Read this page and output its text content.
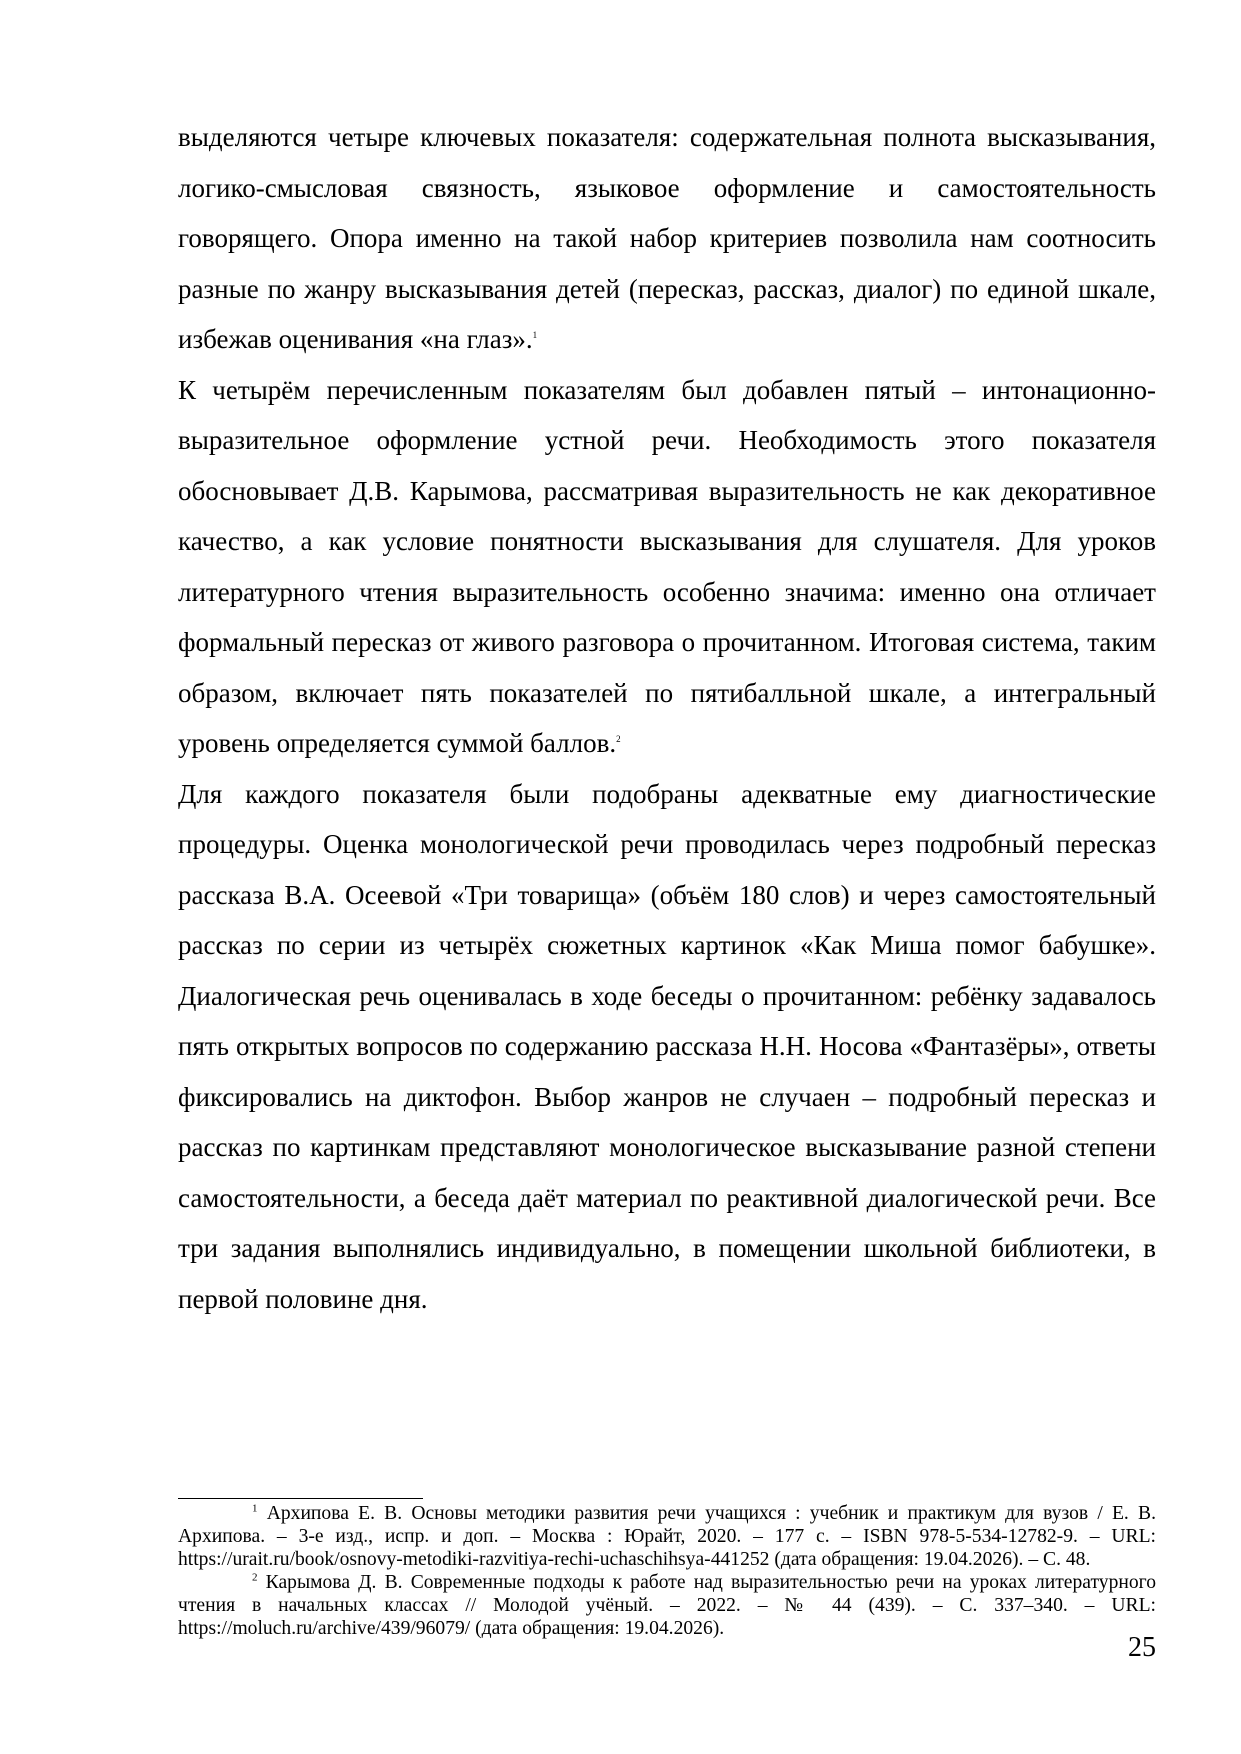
выделяются четыре ключевых показателя: содержательная полнота высказывания, логико-смысловая связность, языковое оформление и самостоятельность говорящего. Опора именно на такой набор критериев позволила нам соотносить разные по жанру высказывания детей (пересказ, рассказ, диалог) по единой шкале, избежав оценивания «на глаз».$^1$

К четырём перечисленным показателям был добавлен пятый – интонационно-выразительное оформление устной речи. Необходимость этого показателя обосновывает Д.В. Карымова, рассматривая выразительность не как декоративное качество, а как условие понятности высказывания для слушателя. Для уроков литературного чтения выразительность особенно значима: именно она отличает формальный пересказ от живого разговора о прочитанном. Итоговая система, таким образом, включает пять показателей по пятибалльной шкале, а интегральный уровень определяется суммой баллов.$^2$

Для каждого показателя были подобраны адекватные ему диагностические процедуры. Оценка монологической речи проводилась через подробный пересказ рассказа В.А. Осеевой «Три товарища» (объём 180 слов) и через самостоятельный рассказ по серии из четырёх сюжетных картинок «Как Миша помог бабушке». Диалогическая речь оценивалась в ходе беседы о прочитанном: ребёнку задавалось пять открытых вопросов по содержанию рассказа Н.Н. Носова «Фантазёры», ответы фиксировались на диктофон. Выбор жанров не случаен – подробный пересказ и рассказ по картинкам представляют монологическое высказывание разной степени самостоятельности, а беседа даёт материал по реактивной диалогической речи. Все три задания выполнялись индивидуально, в помещении школьной библиотеки, в первой половине дня.

$^1$ Архипова Е. В. Основы методики развития речи учащихся : учебник и практикум для вузов / Е. В. Архипова. – 3-е изд., испр. и доп. – Москва : Юрайт, 2020. – 177 с. – ISBN 978-5-534-12782-9. – URL: https://urait.ru/book/osnovy-metodiki-razvitiya-rechi-uchaschihsya-441252 (дата обращения: 19.04.2026). – С. 48.

$^2$ Карымова Д. В. Современные подходы к работе над выразительностью речи на уроках литературного чтения в начальных классах // Молодой учёный. – 2022. – № 44 (439). – С. 337–340. – URL: https://moluch.ru/archive/439/96079/ (дата обращения: 19.04.2026).

25
